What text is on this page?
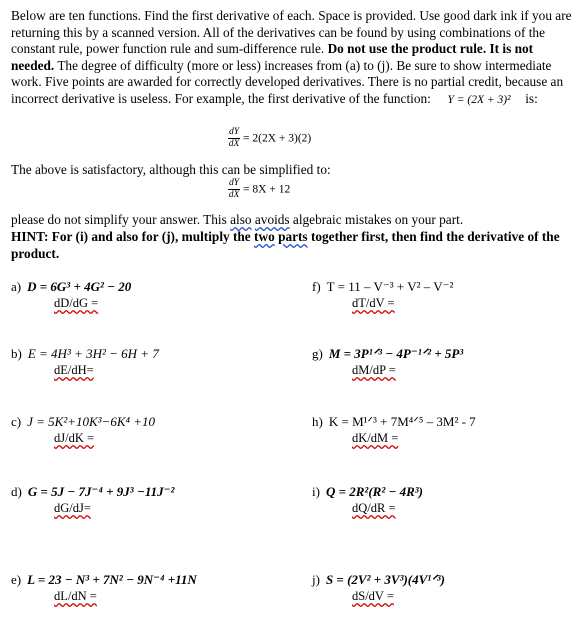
Below are ten functions. Find the first derivative of each. Space is provided. Use good dark ink if you are returning this by a scanned version. All of the derivatives can be found by using combinations of the constant rule, power function rule and sum-difference rule. Do not use the product rule. It is not needed. The degree of difficulty (more or less) increases from (a) to (j). Be sure to show intermediate work. Five points are awarded for correctly developed derivatives. There is no partial credit, because an incorrect derivative is useless. For example, the first derivative of the function: Y = (2X + 3)² is:
$\frac{dY}{dX} = 2(2X + 3)(2)$
The above is satisfactory, although this can be simplified to:
$\frac{dY}{dX} = 8X + 12$
please do not simplify your answer. This also avoids algebraic mistakes on your part.
HINT: For (i) and also for (j), multiply the two parts together first, then find the derivative of the product.
a) D = 6G³ + 4G² − 20
dD/dG =
b) E = 4H³ + 3H² − 6H + 7
dE/dH=
c) J = 5K²+10K³−6K⁴ +10
dJ/dK =
d) G = 5J − 7J⁻⁴ + 9J³ −11J⁻²
dG/dJ=
e) L = 23 − N³ + 7N² − 9N⁻⁴ +11N
dL/dN =
f) T = 11 – V⁻³ + V² – V⁻²
dT/dV =
g) M = 3P¹ᐟ³ − 4P⁻¹ᐟ² + 5P³
dM/dP =
h) K = M¹ᐟ³ + 7M⁴ᐟ⁵ – 3M² - 7
dK/dM =
i) Q = 2R²(R² − 4R³)
dQ/dR =
j) S = (2V² + 3V³)(4V¹ᐟ³)
dS/dV =
